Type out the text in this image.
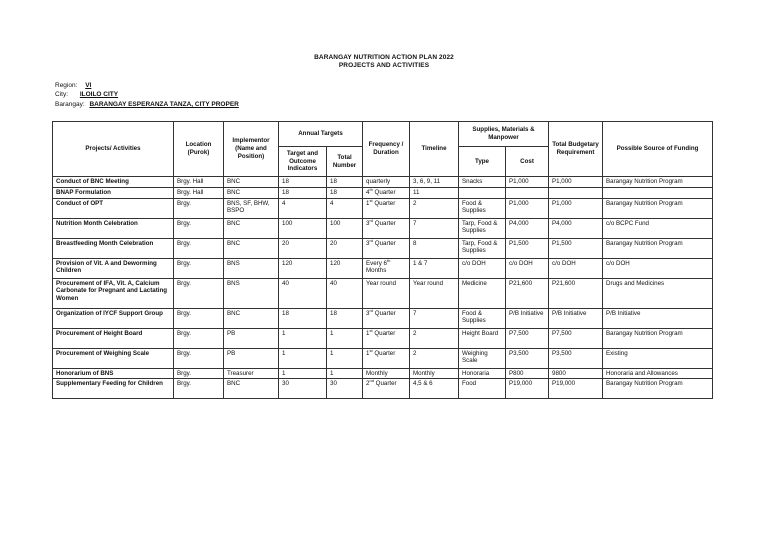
BARANGAY NUTRITION ACTION PLAN 2022
PROJECTS AND ACTIVITIES
Region: VI
City: ILOILO CITY
Barangay: BARANGAY ESPERANZA TANZA, CITY PROPER
Projects/ Activities	Location (Purok)	Implementor (Name and Position)	Annual Targets		Frequency / Duration	Timeline	Supplies, Materials & Manpower		Total Budgetary Requirement	Possible Source of Funding
			Target and Outcome Indicators	Total Number			Type	Cost		
Conduct of BNC Meeting	Brgy. Hall	BNC	18	18	quarterly	3, 6, 9, 11	Snacks	P1,000	P1,000	Barangay Nutrition Program
BNAP Formulation	Brgy. Hall	BNC	18	18	4th Quarter	11				
Conduct of OPT	Brgy.	BNS, SF, BHW, BSPO	4	4	1st Quarter	2	Food & Supplies	P1,000	P1,000	Barangay Nutrition Program
Nutrition Month Celebration	Brgy.	BNC	100	100	3rd Quarter	7	Tarp, Food & Supplies	P4,000	P4,000	c/o BCPC Fund
Breastfeeding Month Celebration	Brgy.	BNC	20	20	3rd Quarter	8	Tarp, Food & Supplies	P1,500	P1,500	Barangay Nutrition Program
Provision of Vit. A and Deworming Children	Brgy.	BNS	120	120	Every 6th Months	1 & 7	c/o DOH	c/o DOH	c/o DOH	c/o DOH
Procurement of IFA, Vit. A, Calcium Carbonate for Pregnant and Lactating Women	Brgy.	BNS	40	40	Year round	Year round	Medicine	P21,600	P21,600	Drugs and Medicines
Organization of IYCF Support Group	Brgy.	BNC	18	18	3rd Quarter	7	Food & Supplies	P/B Initiative	P/B Initiative	P/B Initiative
Procurement of Height Board	Brgy.	PB	1	1	1st Quarter	2	Height Board	P7,500	P7,500	Barangay Nutrition Program
Procurement of Weighing Scale	Brgy.	PB	1	1	1st Quarter	2	Weighing Scale	P3,500	P3,500	Existing
Honorarium of BNS	Brgy.	Treasurer	1	1	Monthly	Monthly	Honoraria	P800	9800	Honoraria and Allowances
Supplementary Feeding for Children	Brgy.	BNC	30	30	2nd Quarter	4,5 & 6	Food	P19,000	P19,000	Barangay Nutrition Program
